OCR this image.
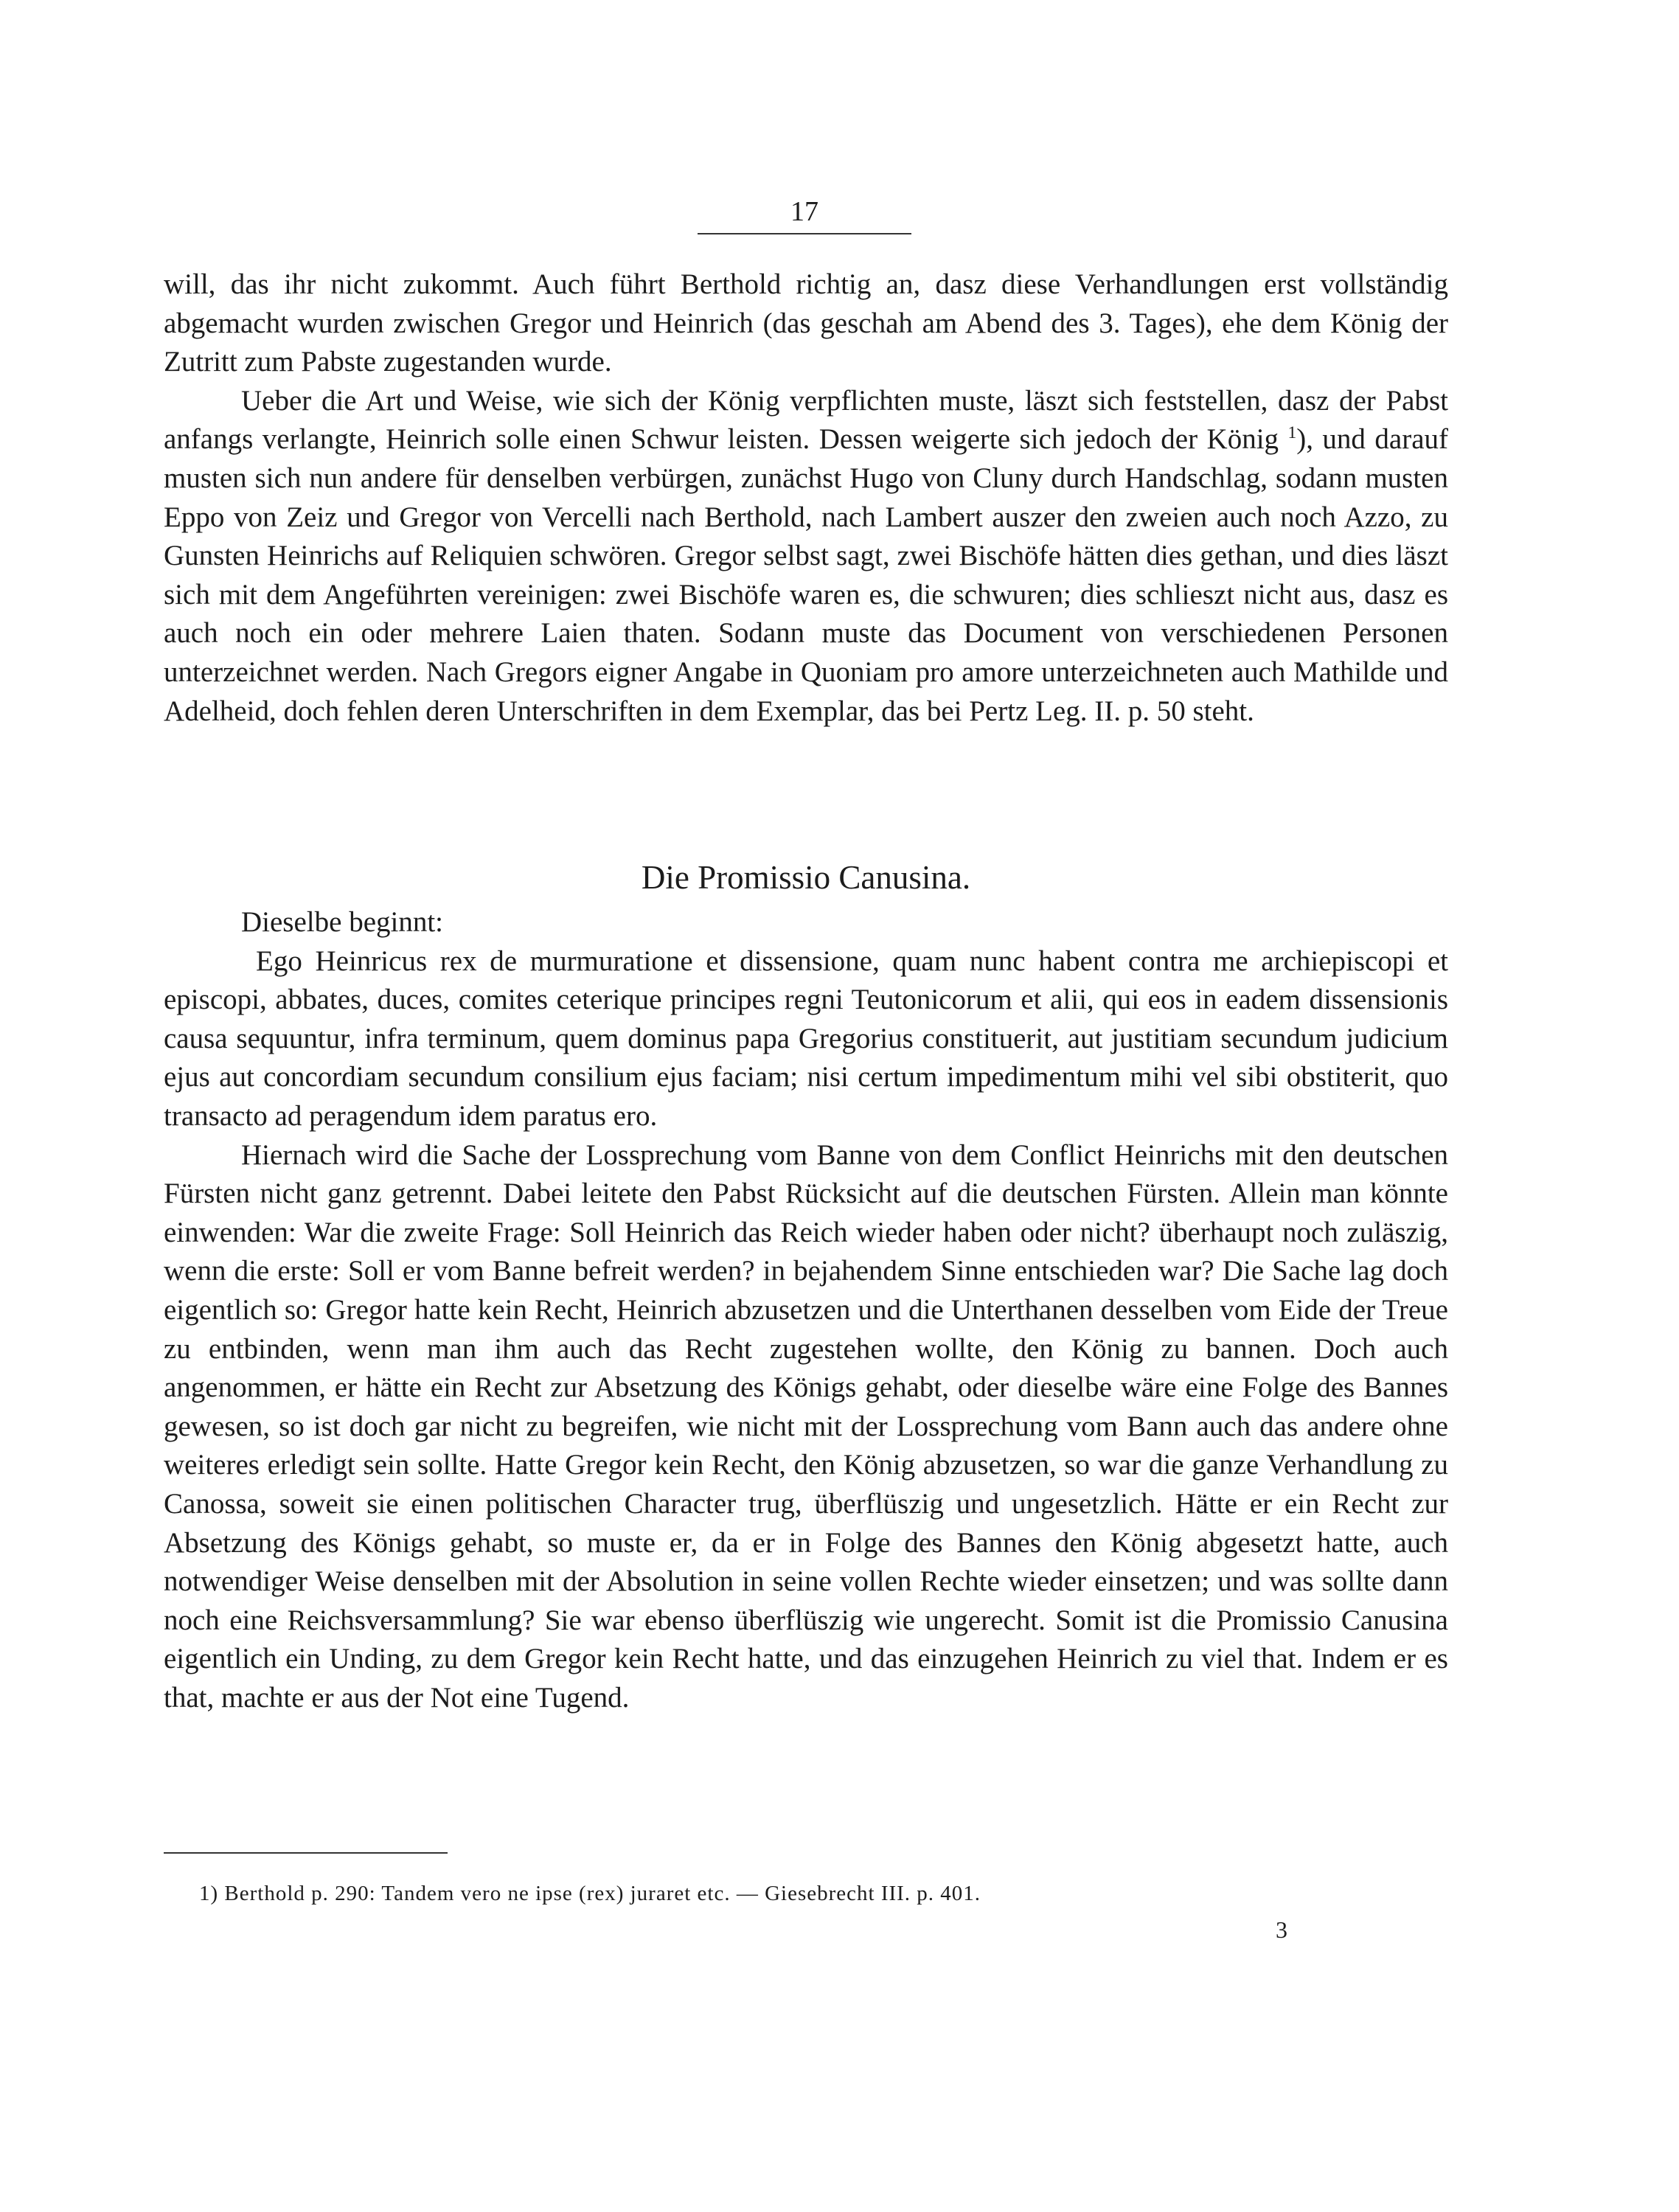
17

will, das ihr nicht zukommt. Auch führt Berthold richtig an, dasz diese Verhandlungen erst vollständig abgemacht wurden zwischen Gregor und Heinrich (das geschah am Abend des 3. Tages), ehe dem König der Zutritt zum Pabste zugestanden wurde.

Ueber die Art und Weise, wie sich der König verpflichten muste, läszt sich feststellen, dasz der Pabst anfangs verlangte, Heinrich solle einen Schwur leisten. Dessen weigerte sich jedoch der König $^1$), und darauf musten sich nun andere für denselben verbürgen, zunächst Hugo von Cluny durch Handschlag, sodann musten Eppo von Zeiz und Gregor von Vercelli nach Berthold, nach Lambert auszer den zweien auch noch Azzo, zu Gunsten Heinrichs auf Reliquien schwören. Gregor selbst sagt, zwei Bischöfe hätten dies gethan, und dies läszt sich mit dem Angeführten vereinigen: zwei Bischöfe waren es, die schwuren; dies schlieszt nicht aus, dasz es auch noch ein oder mehrere Laien thaten. Sodann muste das Document von verschiedenen Personen unterzeichnet werden. Nach Gregors eigner Angabe in Quoniam pro amore unterzeichneten auch Mathilde und Adelheid, doch fehlen deren Unterschriften in dem Exemplar, das bei Pertz Leg. II. p. 50 steht.

Die Promissio Canusina.

Dieselbe beginnt:

Ego Heinricus rex de murmuratione et dissensione, quam nunc habent contra me archiepiscopi et episcopi, abbates, duces, comites ceterique principes regni Teutonicorum et alii, qui eos in eadem dissensionis causa sequuntur, infra terminum, quem dominus papa Gregorius constituerit, aut justitiam secundum judicium ejus aut concordiam secundum consilium ejus faciam; nisi certum impedimentum mihi vel sibi obstiterit, quo transacto ad peragendum idem paratus ero.

Hiernach wird die Sache der Lossprechung vom Banne von dem Conflict Heinrichs mit den deutschen Fürsten nicht ganz getrennt. Dabei leitete den Pabst Rücksicht auf die deutschen Fürsten. Allein man könnte einwenden: War die zweite Frage: Soll Heinrich das Reich wieder haben oder nicht? überhaupt noch zuläszig, wenn die erste: Soll er vom Banne befreit werden? in bejahendem Sinne entschieden war? Die Sache lag doch eigentlich so: Gregor hatte kein Recht, Heinrich abzusetzen und die Unterthanen desselben vom Eide der Treue zu entbinden, wenn man ihm auch das Recht zugestehen wollte, den König zu bannen. Doch auch angenommen, er hätte ein Recht zur Absetzung des Königs gehabt, oder dieselbe wäre eine Folge des Bannes gewesen, so ist doch gar nicht zu begreifen, wie nicht mit der Lossprechung vom Bann auch das andere ohne weiteres erledigt sein sollte. Hatte Gregor kein Recht, den König abzusetzen, so war die ganze Verhandlung zu Canossa, soweit sie einen politischen Character trug, überflüszig und ungesetzlich. Hätte er ein Recht zur Absetzung des Königs gehabt, so muste er, da er in Folge des Bannes den König abgesetzt hatte, auch notwendiger Weise denselben mit der Absolution in seine vollen Rechte wieder einsetzen; und was sollte dann noch eine Reichsversammlung? Sie war ebenso überflüszig wie ungerecht. Somit ist die Promissio Canusina eigentlich ein Unding, zu dem Gregor kein Recht hatte, und das einzugehen Heinrich zu viel that. Indem er es that, machte er aus der Not eine Tugend.

1) Berthold p. 290: Tandem vero ne ipse (rex) juraret etc. — Giesebrecht III. p. 401.
3
